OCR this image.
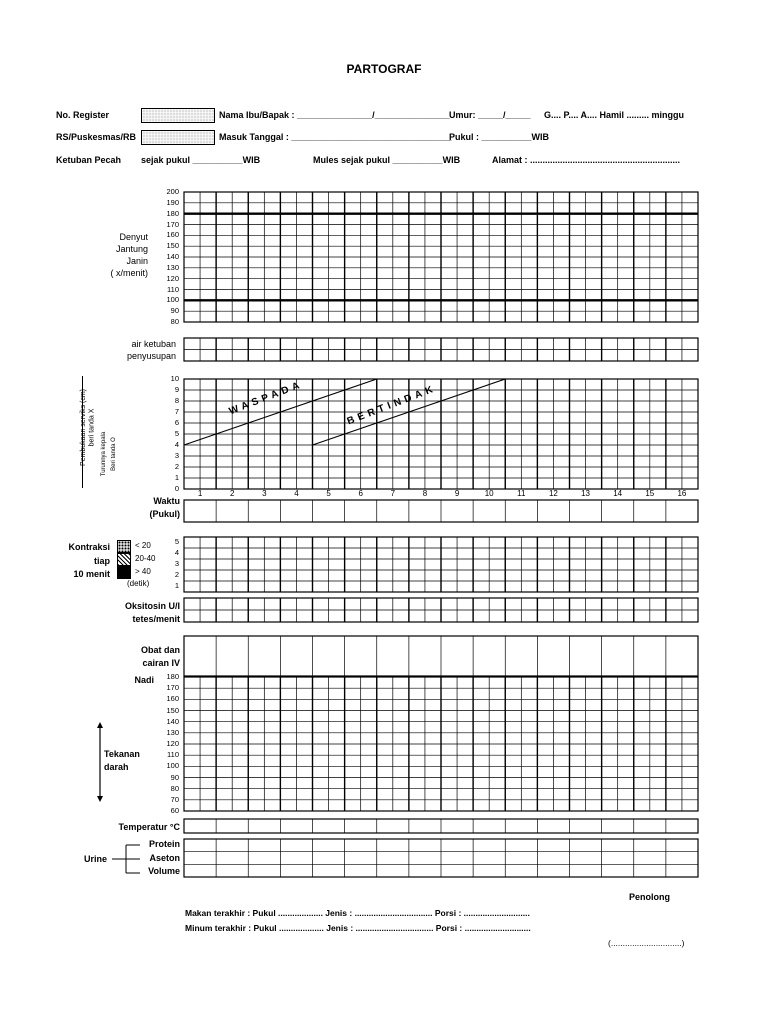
PARTOGRAF
No. Register	Nama Ibu/Bapak : _______________/_______________ Umur: _____/_____ G.... P.... A.... Hamil ......... minggu
RS/Puskesmas/RB	Masuk Tanggal : ________________________________
Pukul : __________WIB
Ketuban Pecah sejak pukul __________WIB	Mules sejak pukul __________WIB	Alamat : ............................................................
Denyut
Jantung
Janin
( x/menit)
200
190
180
170
160
150
140
130
120
110
100
90
80
air ketuban
penyusupan
Pembukaan serviks (cm) beri tanda X
Turunnya kepala Beri tanda O
10
9
8
7
6
5
4
3
2
1
0
1	2	3	4	5	6	7	8	9	10	11	12	13	14	15	16
WASPADA	BERTINDAK
Waktu
(Pukul)
Kontraksi
tiap
10 menit
< 20
20-40
> 40
(detik)
5
4
3
2
1
Oksitosin U/I
tetes/menit
Obat dan
cairan IV
Nadi	180
170
160
150
140
130
120
110
100
90
80
70
60
Tekanan
darah
Temperatur °C
Urine
Protein
Aseton
Volume
Penolong
Makan terakhir : Pukul ................... Jenis : ................................. Porsi : ............................
Minum terakhir : Pukul ................... Jenis : ................................. Porsi : ............................
(..............................)
